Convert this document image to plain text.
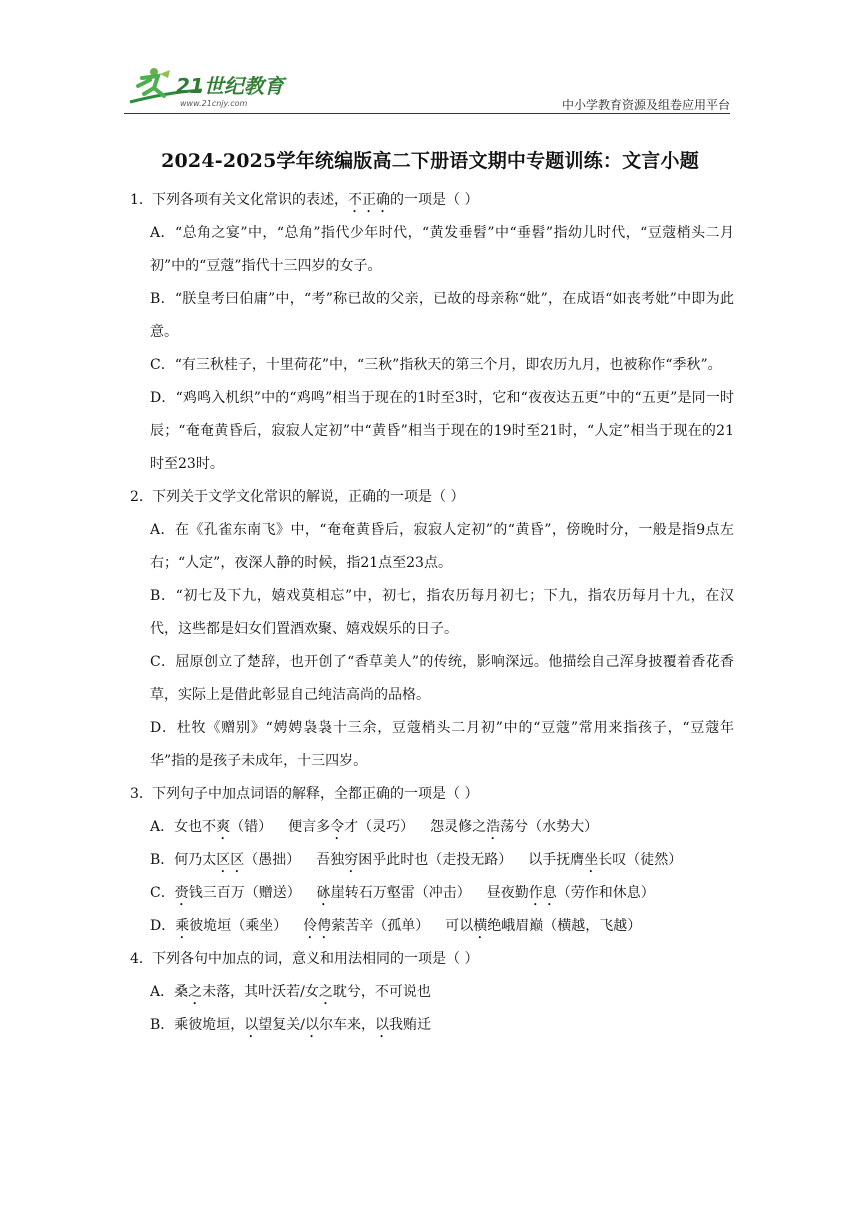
21世纪教育
www.21cnjy.com	中小学教育资源及组卷应用平台
2024-2025学年统编版高二下册语文期中专题训练：文言小题

1．下列各项有关文化常识的表述，不正确的一项是（ ）

A．“总角之宴”中，“总角”指代少年时代，“黄发垂髫”中“垂髫”指幼儿时代，“豆蔻梢头二月初”中的“豆蔻”指代十三四岁的女子。

B．“朕皇考曰伯庸”中，“考”称已故的父亲，已故的母亲称“妣”，在成语“如丧考妣”中即为此意。

C．“有三秋桂子，十里荷花”中，“三秋”指秋天的第三个月，即农历九月，也被称作“季秋”。

D．“鸡鸣入机织”中的“鸡鸣”相当于现在的1时至3时，它和“夜夜达五更”中的“五更”是同一时辰；“奄奄黄昏后，寂寂人定初”中“黄昏”相当于现在的19时至21时，“人定”相当于现在的21时至23时。

2．下列关于文学文化常识的解说，正确的一项是（ ）

A．在《孔雀东南飞》中，“奄奄黄昏后，寂寂人定初”的“黄昏”，傍晚时分，一般是指9点左右；“人定”，夜深人静的时候，指21点至23点。

B．“初七及下九，嬉戏莫相忘”中，初七，指农历每月初七；下九，指农历每月十九，在汉代，这些都是妇女们置酒欢聚、嬉戏娱乐的日子。

C．屈原创立了楚辞，也开创了“香草美人”的传统，影响深远。他描绘自己浑身披覆着香花香草，实际上是借此彰显自己纯洁高尚的品格。

D．杜牧《赠别》“娉娉袅袅十三余，豆蔻梢头二月初”中的“豆蔻”常用来指孩子，“豆蔻年华”指的是孩子未成年，十三四岁。

3．下列句子中加点词语的解释，全都正确的一项是（ ）

A．女也不爽（错） 便言多令才（灵巧） 怨灵修之浩荡兮（水势大）

B．何乃太区区（愚拙） 吾独穷困乎此时也（走投无路） 以手抚膺坐长叹（徒然）

C．赍钱三百万（赠送） 砯崖转石万壑雷（冲击） 昼夜勤作息（劳作和休息）

D．乘彼垝垣（乘坐） 伶俜萦苦辛（孤单） 可以横绝峨眉巅（横越，飞越）

4．下列各句中加点的词，意义和用法相同的一项是（ ）

A．桑之未落，其叶沃若/女之耽兮，不可说也

B．乘彼垝垣，以望复关/以尔车来，以我贿迁
